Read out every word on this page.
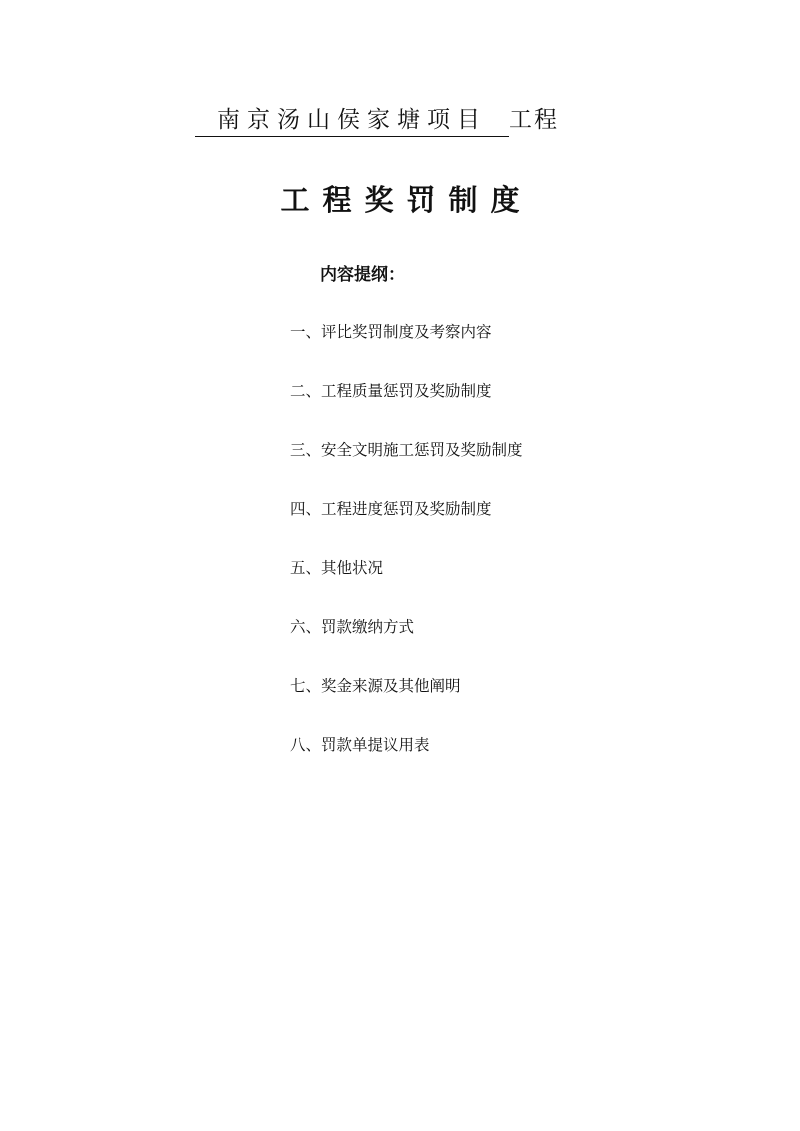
南京汤山侯家塘项目 工程
工程奖罚制度
内容提纲：
一、评比奖罚制度及考察内容
二、工程质量惩罚及奖励制度
三、安全文明施工惩罚及奖励制度
四、工程进度惩罚及奖励制度
五、其他状况
六、罚款缴纳方式
七、奖金来源及其他阐明
八、罚款单提议用表
